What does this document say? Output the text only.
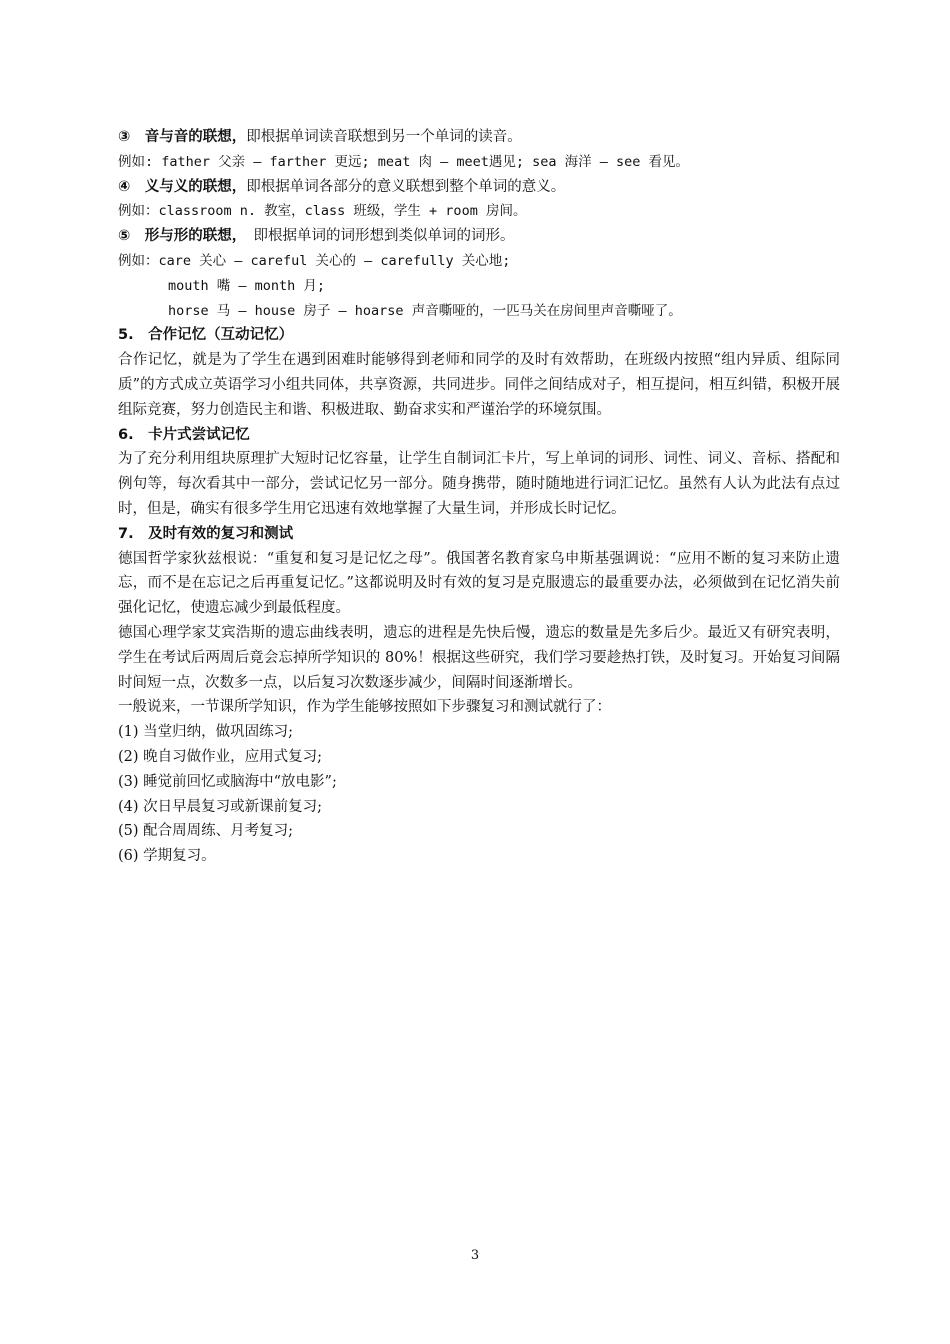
③　音与音的联想，即根据单词读音联想到另一个单词的读音。

例如: father 父亲 — farther 更远; meat 肉 — meet遇见; sea 海洋 — see 看见。

④　义与义的联想，即根据单词各部分的意义联想到整个单词的意义。

例如：classroom n. 教室，class 班级，学生 + room 房间。

⑤　形与形的联想，　即根据单词的词形想到类似单词的词形。

例如：care 关心 — careful 关心的 — carefully 关心地;

mouth 嘴 — month 月;

horse 马 — house 房子 — hoarse 声音嘶哑的，一匹马关在房间里声音嘶哑了。

5.　合作记忆（互动记忆）

合作记忆，就是为了学生在遇到困难时能够得到老师和同学的及时有效帮助，在班级内按照“组内异质、组际同质”的方式成立英语学习小组共同体，共享资源，共同进步。同伴之间结成对子，相互提问，相互纠错，积极开展组际竞赛，努力创造民主和谐、积极进取、勤奋求实和严谨治学的环境氛围。

6.　卡片式尝试记忆

为了充分利用组块原理扩大短时记忆容量，让学生自制词汇卡片，写上单词的词形、词性、词义、音标、搭配和例句等，每次看其中一部分，尝试记忆另一部分。随身携带，随时随地进行词汇记忆。虽然有人认为此法有点过时，但是，确实有很多学生用它迅速有效地掌握了大量生词，并形成长时记忆。

7.　及时有效的复习和测试

德国哲学家狄兹根说：“重复和复习是记忆之母”。俄国著名教育家乌申斯基强调说：“应用不断的复习来防止遗忘，而不是在忘记之后再重复记忆。”这都说明及时有效的复习是克服遗忘的最重要办法，必须做到在记忆消失前强化记忆，使遗忘减少到最低程度。

德国心理学家艾宾浩斯的遗忘曲线表明，遗忘的进程是先快后慢，遗忘的数量是先多后少。最近又有研究表明，学生在考试后两周后竟会忘掉所学知识的 80%！根据这些研究，我们学习要趁热打铁，及时复习。开始复习间隔时间短一点，次数多一点，以后复习次数逐步减少，间隔时间逐渐增长。

一般说来，一节课所学知识，作为学生能够按照如下步骤复习和测试就行了：

(1) 当堂归纳，做巩固练习;

(2) 晚自习做作业，应用式复习;

(3) 睡觉前回忆或脑海中“放电影”;

(4) 次日早晨复习或新课前复习;

(5) 配合周周练、月考复习;

(6) 学期复习。

3
